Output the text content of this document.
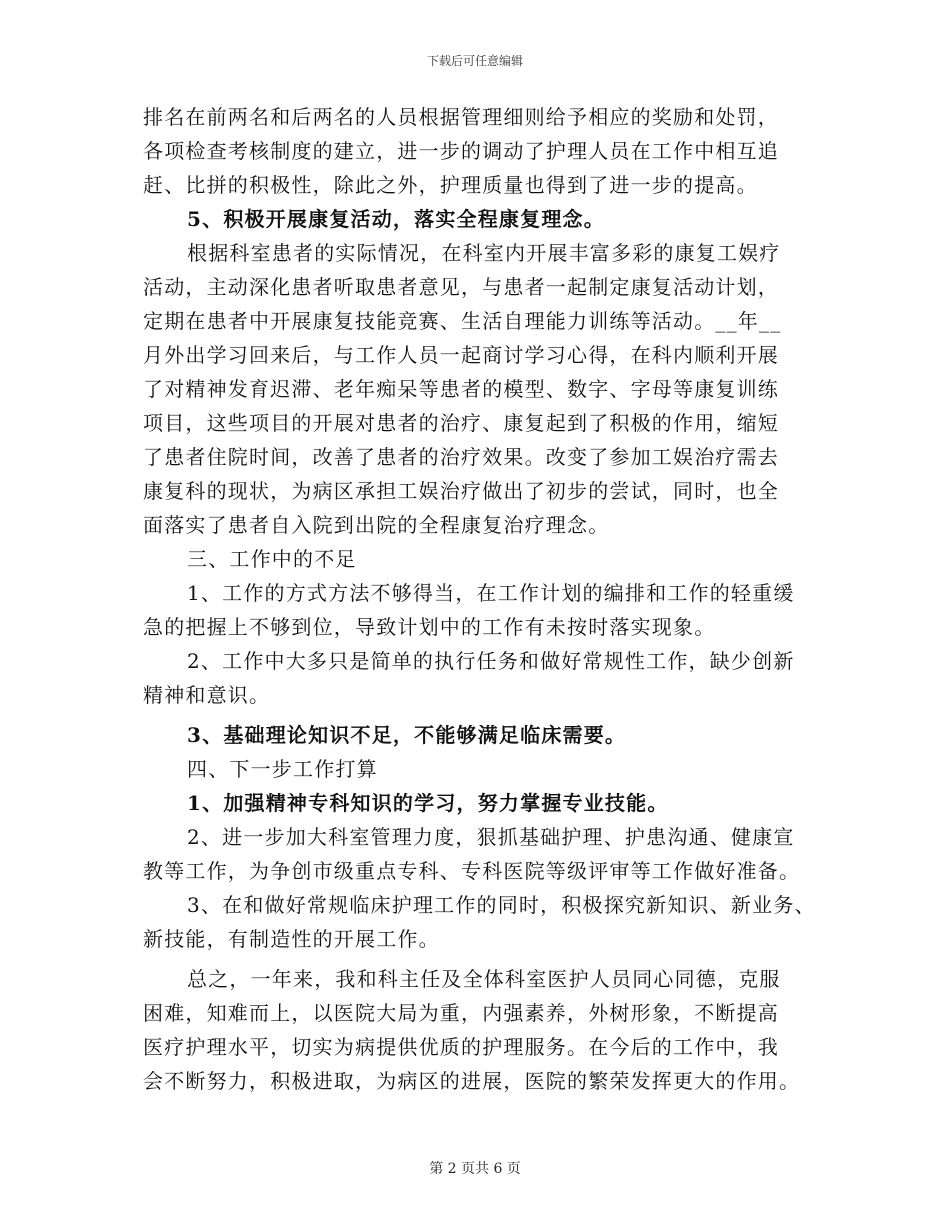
下载后可任意编辑
排名在前两名和后两名的人员根据管理细则给予相应的奖励和处罚，
各项检查考核制度的建立，进一步的调动了护理人员在工作中相互追
赶、比拼的积极性，除此之外，护理质量也得到了进一步的提高。
5、积极开展康复活动，落实全程康复理念。
根据科室患者的实际情况，在科室内开展丰富多彩的康复工娱疗
活动，主动深化患者听取患者意见，与患者一起制定康复活动计划，
定期在患者中开展康复技能竞赛、生活自理能力训练等活动。__年__
月外出学习回来后，与工作人员一起商讨学习心得，在科内顺利开展
了对精神发育迟滞、老年痴呆等患者的模型、数字、字母等康复训练
项目，这些项目的开展对患者的治疗、康复起到了积极的作用，缩短
了患者住院时间，改善了患者的治疗效果。改变了参加工娱治疗需去
康复科的现状，为病区承担工娱治疗做出了初步的尝试，同时，也全
面落实了患者自入院到出院的全程康复治疗理念。
三、工作中的不足
1、工作的方式方法不够得当，在工作计划的编排和工作的轻重缓
急的把握上不够到位，导致计划中的工作有未按时落实现象。
2、工作中大多只是简单的执行任务和做好常规性工作，缺少创新
精神和意识。
3、基础理论知识不足，不能够满足临床需要。
四、下一步工作打算
1、加强精神专科知识的学习，努力掌握专业技能。
2、进一步加大科室管理力度，狠抓基础护理、护患沟通、健康宣
教等工作，为争创市级重点专科、专科医院等级评审等工作做好准备。
3、在和做好常规临床护理工作的同时，积极探究新知识、新业务、
新技能，有制造性的开展工作。
总之，一年来，我和科主任及全体科室医护人员同心同德，克服
困难，知难而上，以医院大局为重，内强素养，外树形象，不断提高
医疗护理水平，切实为病提供优质的护理服务。在今后的工作中，我
会不断努力，积极进取，为病区的进展，医院的繁荣发挥更大的作用。
第 2 页共 6 页
